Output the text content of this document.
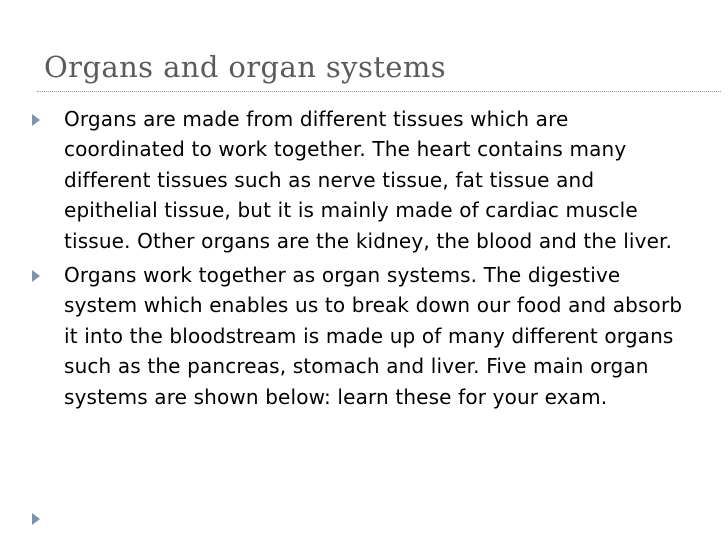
Organs and organ systems
Organs are made from different tissues which are coordinated to work together. The heart contains many different tissues such as nerve tissue, fat tissue and epithelial tissue, but it is mainly made of cardiac muscle tissue. Other organs are the kidney, the blood and the liver.
Organs work together as organ systems. The digestive system which enables us to break down our food and absorb it into the bloodstream is made up of many different organs such as the pancreas, stomach and liver. Five main organ systems are shown below: learn these for your exam.
